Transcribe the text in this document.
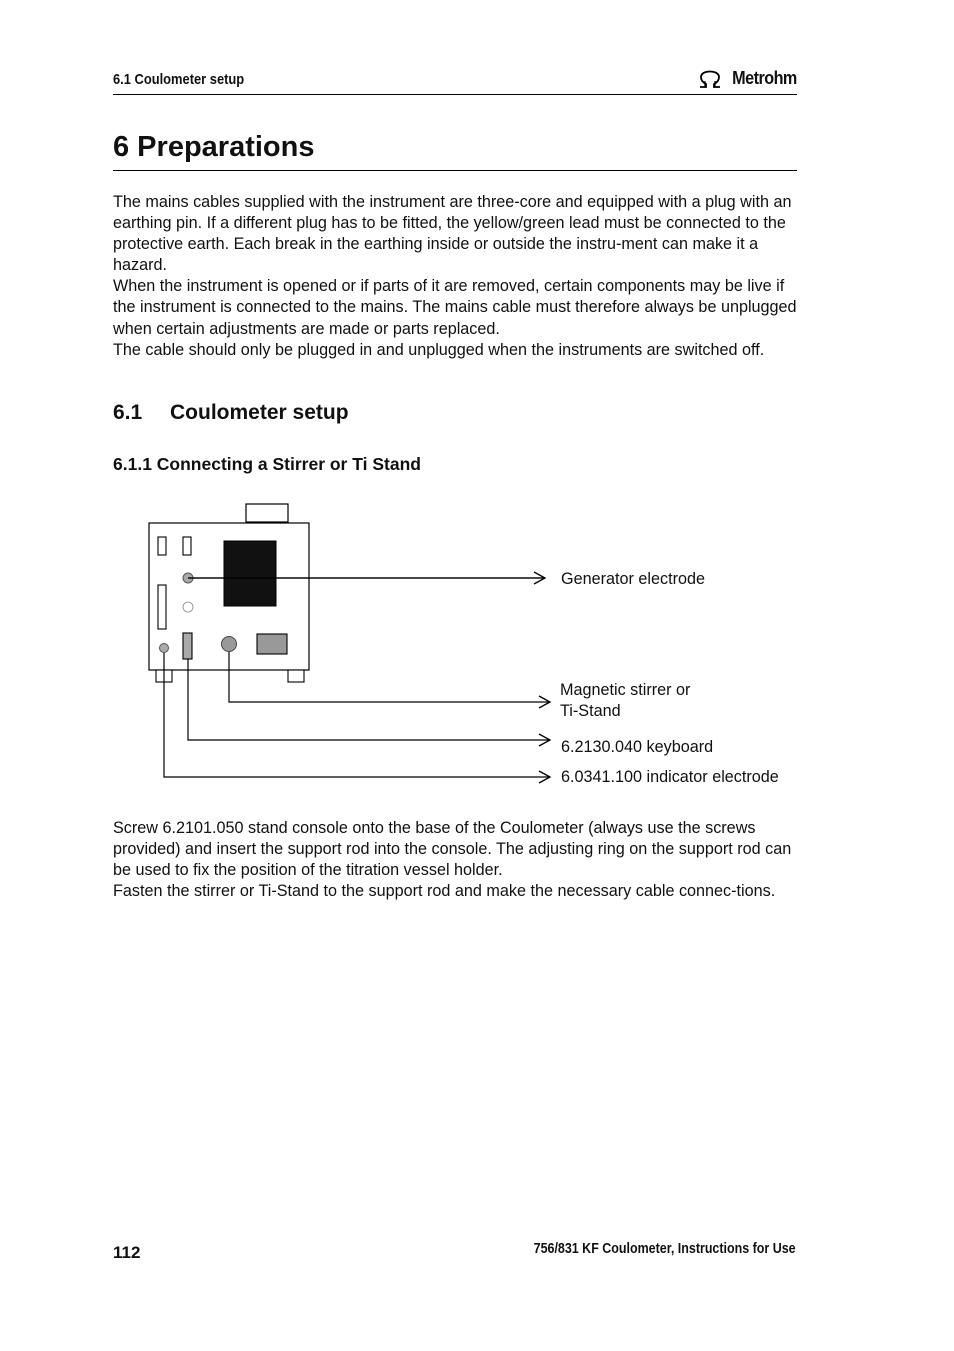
6.1 Coulometer setup	Metrohm
6 Preparations

The mains cables supplied with the instrument are three-core and equipped with a plug with an earthing pin. If a different plug has to be fitted, the yellow/green lead must be connected to the protective earth. Each break in the earthing inside or outside the instru-ment can make it a hazard.

When the instrument is opened or if parts of it are removed, certain components may be live if the instrument is connected to the mains. The mains cable must therefore always be unplugged when certain adjustments are made or parts replaced.

The cable should only be plugged in and unplugged when the instruments are switched off.

6.1 Coulometer setup
6.1.1 Connecting a Stirrer or Ti Stand
Generator electrode
Magnetic stirrer or
Ti-Stand
6.2130.040 keyboard
6.0341.100 indicator electrode

Screw 6.2101.050 stand console onto the base of the Coulometer (always use the screws provided) and insert the support rod into the console. The adjusting ring on the support rod can be used to fix the position of the titration vessel holder.

Fasten the stirrer or Ti-Stand to the support rod and make the necessary cable connec-tions.

112	756/831 KF Coulometer, Instructions for Use
